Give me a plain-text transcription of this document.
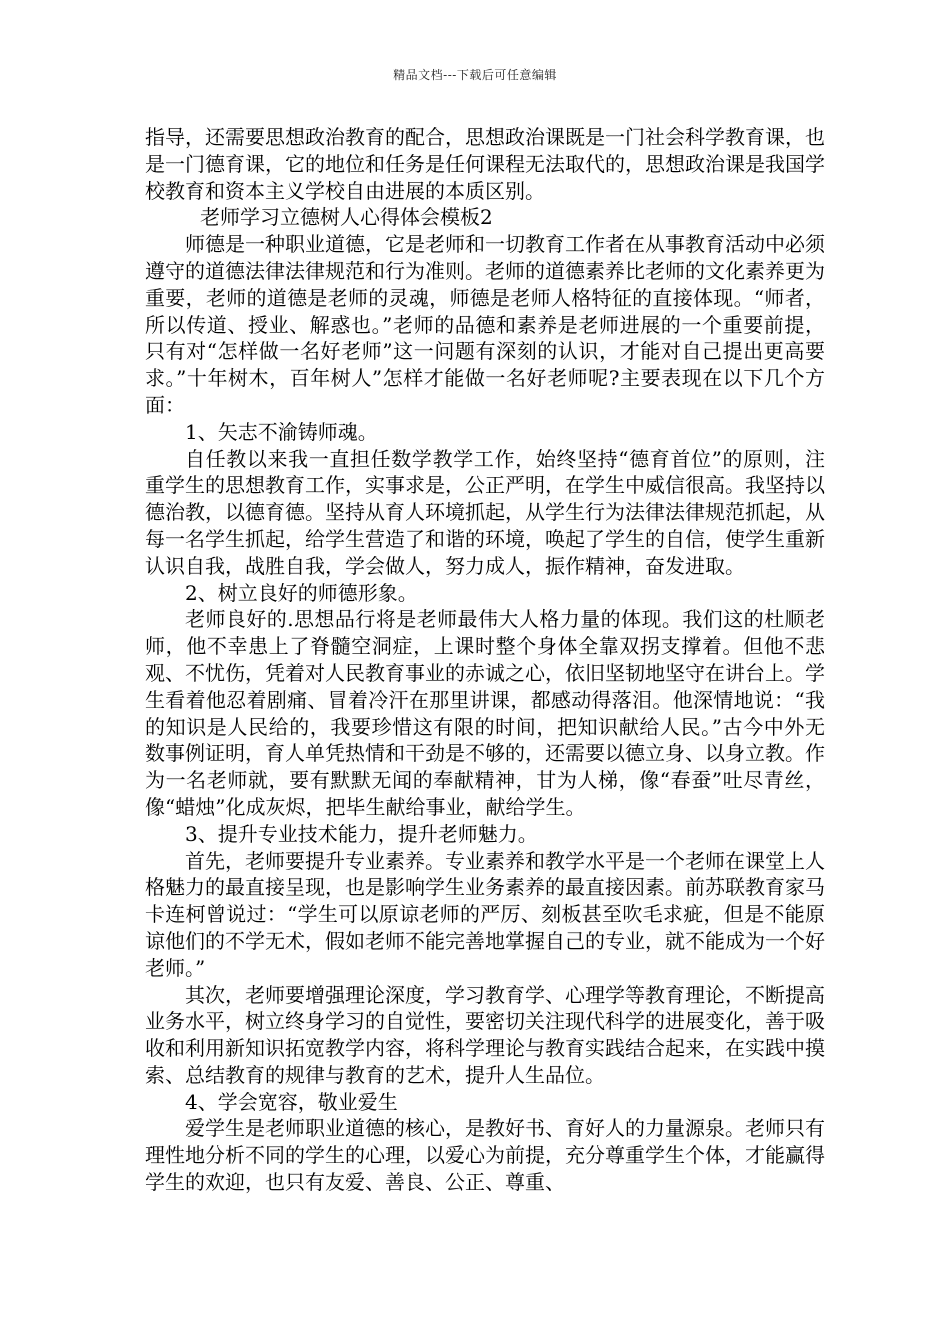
精品文档---下载后可任意编辑

指导，还需要思想政治教育的配合，思想政治课既是一门社会科学教育课，也是一门德育课，它的地位和任务是任何课程无法取代的，思想政治课是我国学校教育和资本主义学校自由进展的本质区别。

老师学习立德树人心得体会模板2

师德是一种职业道德，它是老师和一切教育工作者在从事教育活动中必须遵守的道德法律法律规范和行为准则。老师的道德素养比老师的文化素养更为重要，老师的道德是老师的灵魂，师德是老师人格特征的直接体现。“师者，所以传道、授业、解惑也。”老师的品德和素养是老师进展的一个重要前提，只有对“怎样做一名好老师”这一问题有深刻的认识，才能对自己提出更高要求。”十年树木，百年树人”怎样才能做一名好老师呢?主要表现在以下几个方面：

1、矢志不渝铸师魂。

自任教以来我一直担任数学教学工作，始终坚持“德育首位”的原则，注重学生的思想教育工作，实事求是，公正严明，在学生中威信很高。我坚持以德治教，以德育德。坚持从育人环境抓起，从学生行为法律法律规范抓起，从每一名学生抓起，给学生营造了和谐的环境，唤起了学生的自信，使学生重新认识自我，战胜自我，学会做人，努力成人，振作精神，奋发进取。

2、树立良好的师德形象。

老师良好的.思想品行将是老师最伟大人格力量的体现。我们这的杜顺老师，他不幸患上了脊髓空洞症，上课时整个身体全靠双拐支撑着。但他不悲观、不忧伤，凭着对人民教育事业的赤诚之心，依旧坚韧地坚守在讲台上。学生看着他忍着剧痛、冒着冷汗在那里讲课，都感动得落泪。他深情地说：“我的知识是人民给的，我要珍惜这有限的时间，把知识献给人民。”古今中外无数事例证明，育人单凭热情和干劲是不够的，还需要以德立身、以身立教。作为一名老师就，要有默默无闻的奉献精神，甘为人梯，像“春蚕”吐尽青丝，像“蜡烛”化成灰烬，把毕生献给事业，献给学生。

3、提升专业技术能力，提升老师魅力。

首先，老师要提升专业素养。专业素养和教学水平是一个老师在课堂上人格魅力的最直接呈现，也是影响学生业务素养的最直接因素。前苏联教育家马卡连柯曾说过：“学生可以原谅老师的严厉、刻板甚至吹毛求疵，但是不能原谅他们的不学无术，假如老师不能完善地掌握自己的专业，就不能成为一个好老师。”

其次，老师要增强理论深度，学习教育学、心理学等教育理论，不断提高业务水平，树立终身学习的自觉性，要密切关注现代科学的进展变化，善于吸收和利用新知识拓宽教学内容，将科学理论与教育实践结合起来，在实践中摸索、总结教育的规律与教育的艺术，提升人生品位。

4、学会宽容，敬业爱生

爱学生是老师职业道德的核心，是教好书、育好人的力量源泉。老师只有理性地分析不同的学生的心理，以爱心为前提，充分尊重学生个体，才能赢得学生的欢迎，也只有友爱、善良、公正、尊重、
